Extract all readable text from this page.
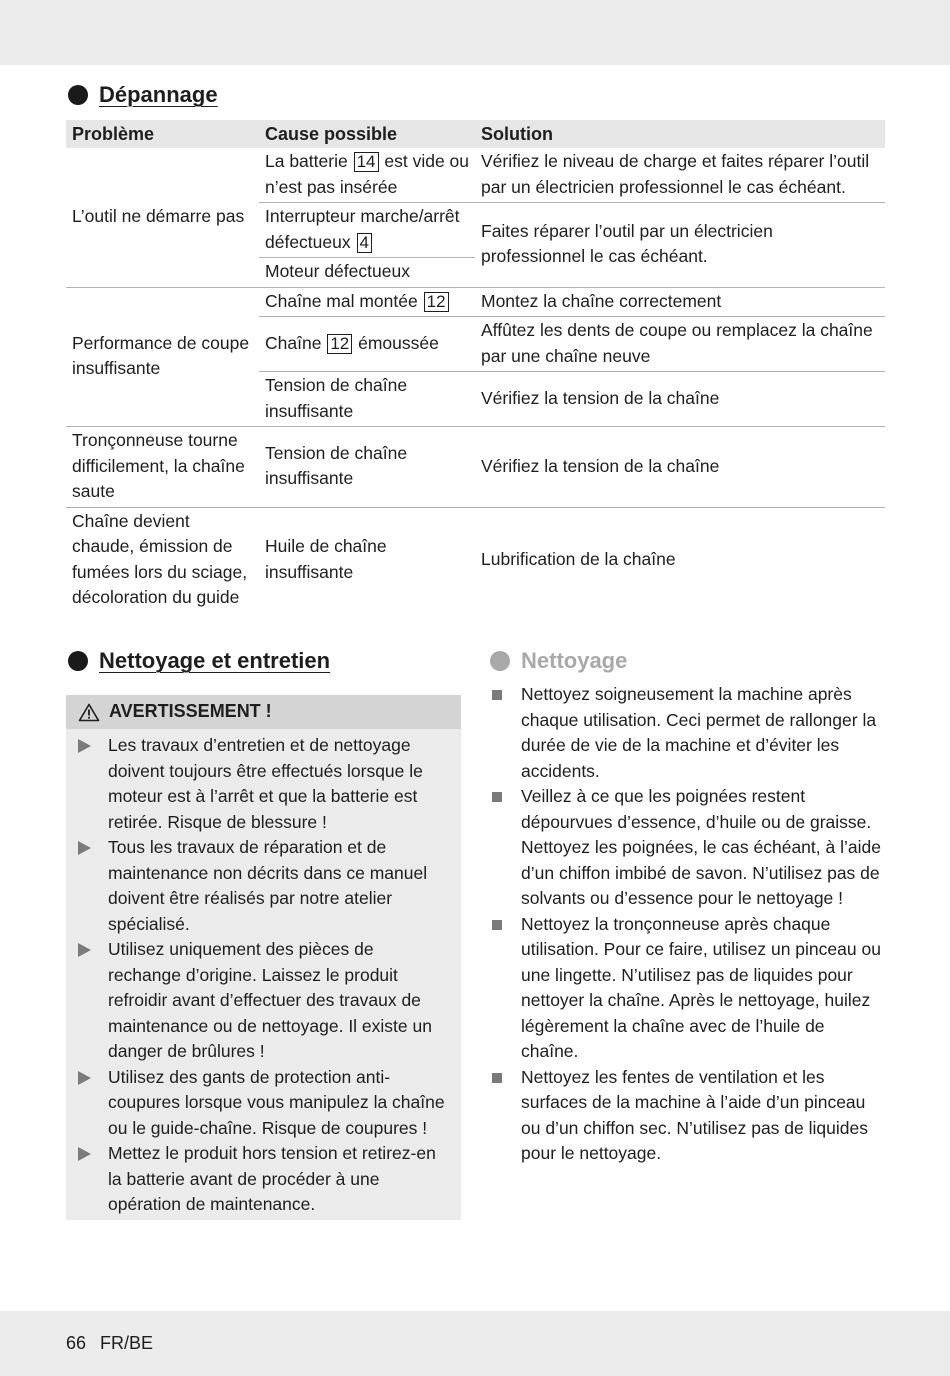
Dépannage
Problème	Cause possible	Solution
L’outil ne démarre pas	La batterie 14 est vide ou n’est pas insérée	Vérifiez le niveau de charge et faites réparer l’outil par un électricien professionnel le cas échéant.
	Interrupteur marche/arrêt défectueux 4	Faites réparer l’outil par un électricien professionnel le cas échéant.
	Moteur défectueux	
Performance de coupe insuffisante	Chaîne mal montée 12	Montez la chaîne correctement
	Chaîne 12 émoussée	Affûtez les dents de coupe ou remplacez la chaîne par une chaîne neuve
	Tension de chaîne insuffisante	Vérifiez la tension de la chaîne
Tronçonneuse tourne difficilement, la chaîne saute	Tension de chaîne insuffisante	Vérifiez la tension de la chaîne
Chaîne devient chaude, émission de fumées lors du sciage, décoloration du guide	Huile de chaîne insuffisante	Lubrification de la chaîne
Nettoyage et entretien
AVERTISSEMENT !
Les travaux d’entretien et de nettoyage doivent toujours être effectués lorsque le moteur est à l’arrêt et que la batterie est retirée. Risque de blessure !
Tous les travaux de réparation et de maintenance non décrits dans ce manuel doivent être réalisés par notre atelier spécialisé.
Utilisez uniquement des pièces de rechange d’origine. Laissez le produit refroidir avant d’effectuer des travaux de maintenance ou de nettoyage. Il existe un danger de brûlures !
Utilisez des gants de protection anti-coupures lorsque vous manipulez la chaîne ou le guide-chaîne. Risque de coupures !
Mettez le produit hors tension et retirez-en la batterie avant de procéder à une opération de maintenance.
Nettoyage
Nettoyez soigneusement la machine après chaque utilisation. Ceci permet de rallonger la durée de vie de la machine et d’éviter les accidents.
Veillez à ce que les poignées restent dépourvues d’essence, d’huile ou de graisse. Nettoyez les poignées, le cas échéant, à l’aide d’un chiffon imbibé de savon. N’utilisez pas de solvants ou d’essence pour le nettoyage !
Nettoyez la tronçonneuse après chaque utilisation. Pour ce faire, utilisez un pinceau ou une lingette. N’utilisez pas de liquides pour nettoyer la chaîne. Après le nettoyage, huilez légèrement la chaîne avec de l’huile de chaîne.
Nettoyez les fentes de ventilation et les surfaces de la machine à l’aide d’un pinceau ou d’un chiffon sec. N’utilisez pas de liquides pour le nettoyage.
66 FR/BE
